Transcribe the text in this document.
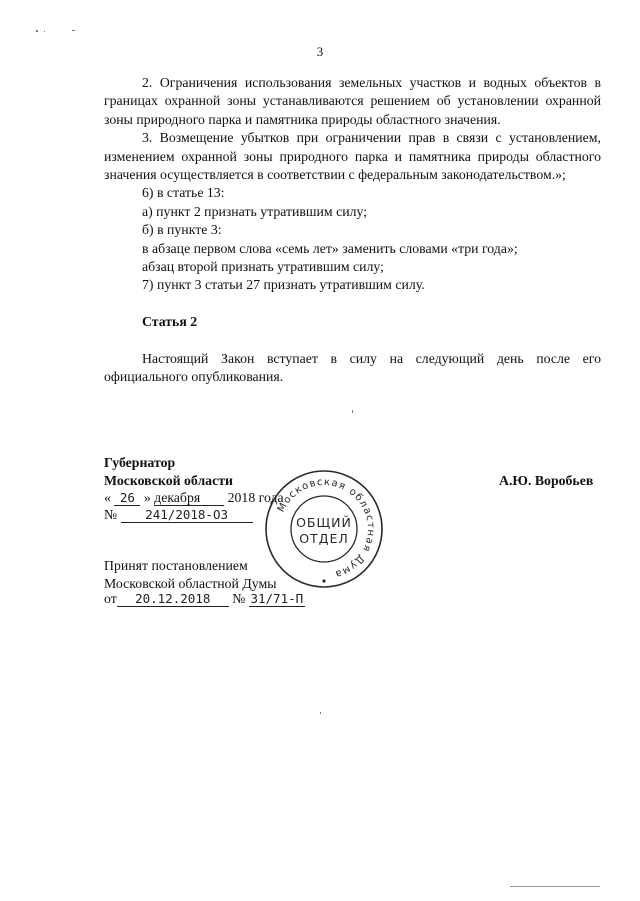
3

2. Ограничения использования земельных участков и водных объектов в границах охранной зоны устанавливаются решением об установлении охранной зоны природного парка и памятника природы областного значения.

3. Возмещение убытков при ограничении прав в связи с установлением, изменением охранной зоны природного парка и памятника природы областного значения осуществляется в соответствии с федеральным законодательством.»;

6) в статье 13:

а) пункт 2 признать утратившим силу;

б) в пункте 3:

в абзаце первом слова «семь лет» заменить словами «три года»;

абзац второй признать утратившим силу;

7) пункт 3 статьи 27 признать утратившим силу.

Статья 2

Настоящий Закон вступает в силу на следующий день после его официального опубликования.

Губернатор
Московской области	А.Ю. Воробьев
« 26 » декабря 2018 года
№ 241/2018-ОЗ
Принят постановлением
Московской областной Думы
от 20.12.2018 № 31/71-П
Московская областная Дума
ОБЩИЙ
ОТДЕЛ
